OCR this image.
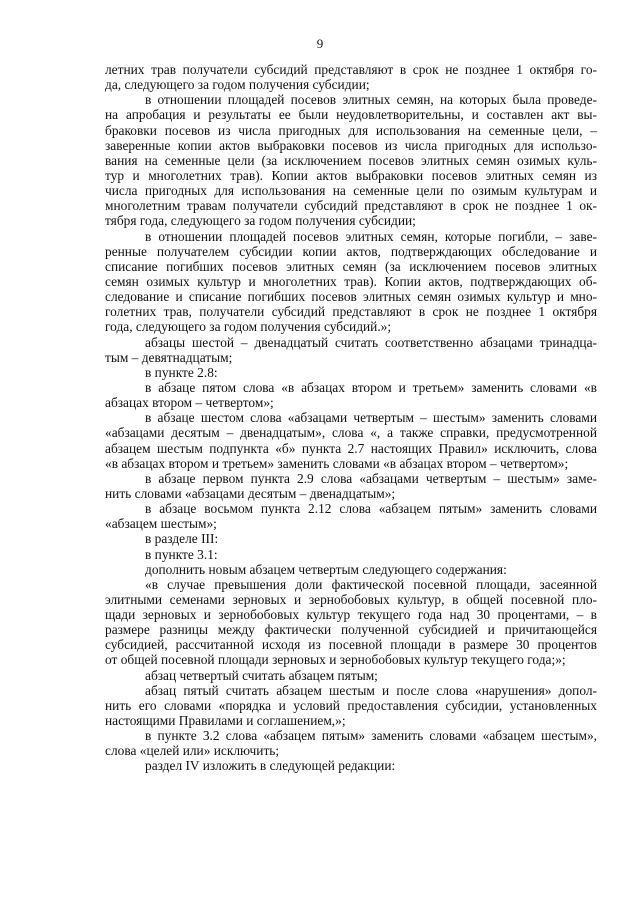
9
летних трав получатели субсидий представляют в срок не позднее 1 октября го-
да, следующего за годом получения субсидии;
в отношении площадей посевов элитных семян, на которых была проведе-
на апробация и результаты ее были неудовлетворительны, и составлен акт вы-
браковки посевов из числа пригодных для использования на семенные цели, –
заверенные копии актов выбраковки посевов из числа пригодных для использо-
вания на семенные цели (за исключением посевов элитных семян озимых куль-
тур и многолетних трав). Копии актов выбраковки посевов элитных семян из
числа пригодных для использования на семенные цели по озимым культурам и
многолетним травам получатели субсидий представляют в срок не позднее 1 ок-
тября года, следующего за годом получения субсидии;
в отношении площадей посевов элитных семян, которые погибли, – заве-
ренные получателем субсидии копии актов, подтверждающих обследование и
списание погибших посевов элитных семян (за исключением посевов элитных
семян озимых культур и многолетних трав). Копии актов, подтверждающих об-
следование и списание погибших посевов элитных семян озимых культур и мно-
голетних трав, получатели субсидий представляют в срок не позднее 1 октября
года, следующего за годом получения субсидий.»;
абзацы шестой – двенадцатый считать соответственно абзацами тринадца-
тым – девятнадцатым;
в пункте 2.8:
в абзаце пятом слова «в абзацах втором и третьем» заменить словами «в
абзацах втором – четвертом»;
в абзаце шестом слова «абзацами четвертым – шестым» заменить словами
«абзацами десятым – двенадцатым», слова «, а также справки, предусмотренной
абзацем шестым подпункта «б» пункта 2.7 настоящих Правил» исключить, слова
«в абзацах втором и третьем» заменить словами «в абзацах втором – четвертом»;
в абзаце первом пункта 2.9 слова «абзацами четвертым – шестым» заме-
нить словами «абзацами десятым – двенадцатым»;
в абзаце восьмом пункта 2.12 слова «абзацем пятым» заменить словами
«абзацем шестым»;
в разделе III:
в пункте 3.1:
дополнить новым абзацем четвертым следующего содержания:
«в случае превышения доли фактической посевной площади, засеянной
элитными семенами зерновых и зернобобовых культур, в общей посевной пло-
щади зерновых и зернобобовых культур текущего года над 30 процентами, – в
размере разницы между фактически полученной субсидией и причитающейся
субсидией, рассчитанной исходя из посевной площади в размере 30 процентов
от общей посевной площади зерновых и зернобобовых культур текущего года;»;
абзац четвертый считать абзацем пятым;
абзац пятый считать абзацем шестым и после слова «нарушения» допол-
нить его словами «порядка и условий предоставления субсидии, установленных
настоящими Правилами и соглашением,»;
в пункте 3.2 слова «абзацем пятым» заменить словами «абзацем шестым»,
слова «целей или» исключить;
раздел IV изложить в следующей редакции:
